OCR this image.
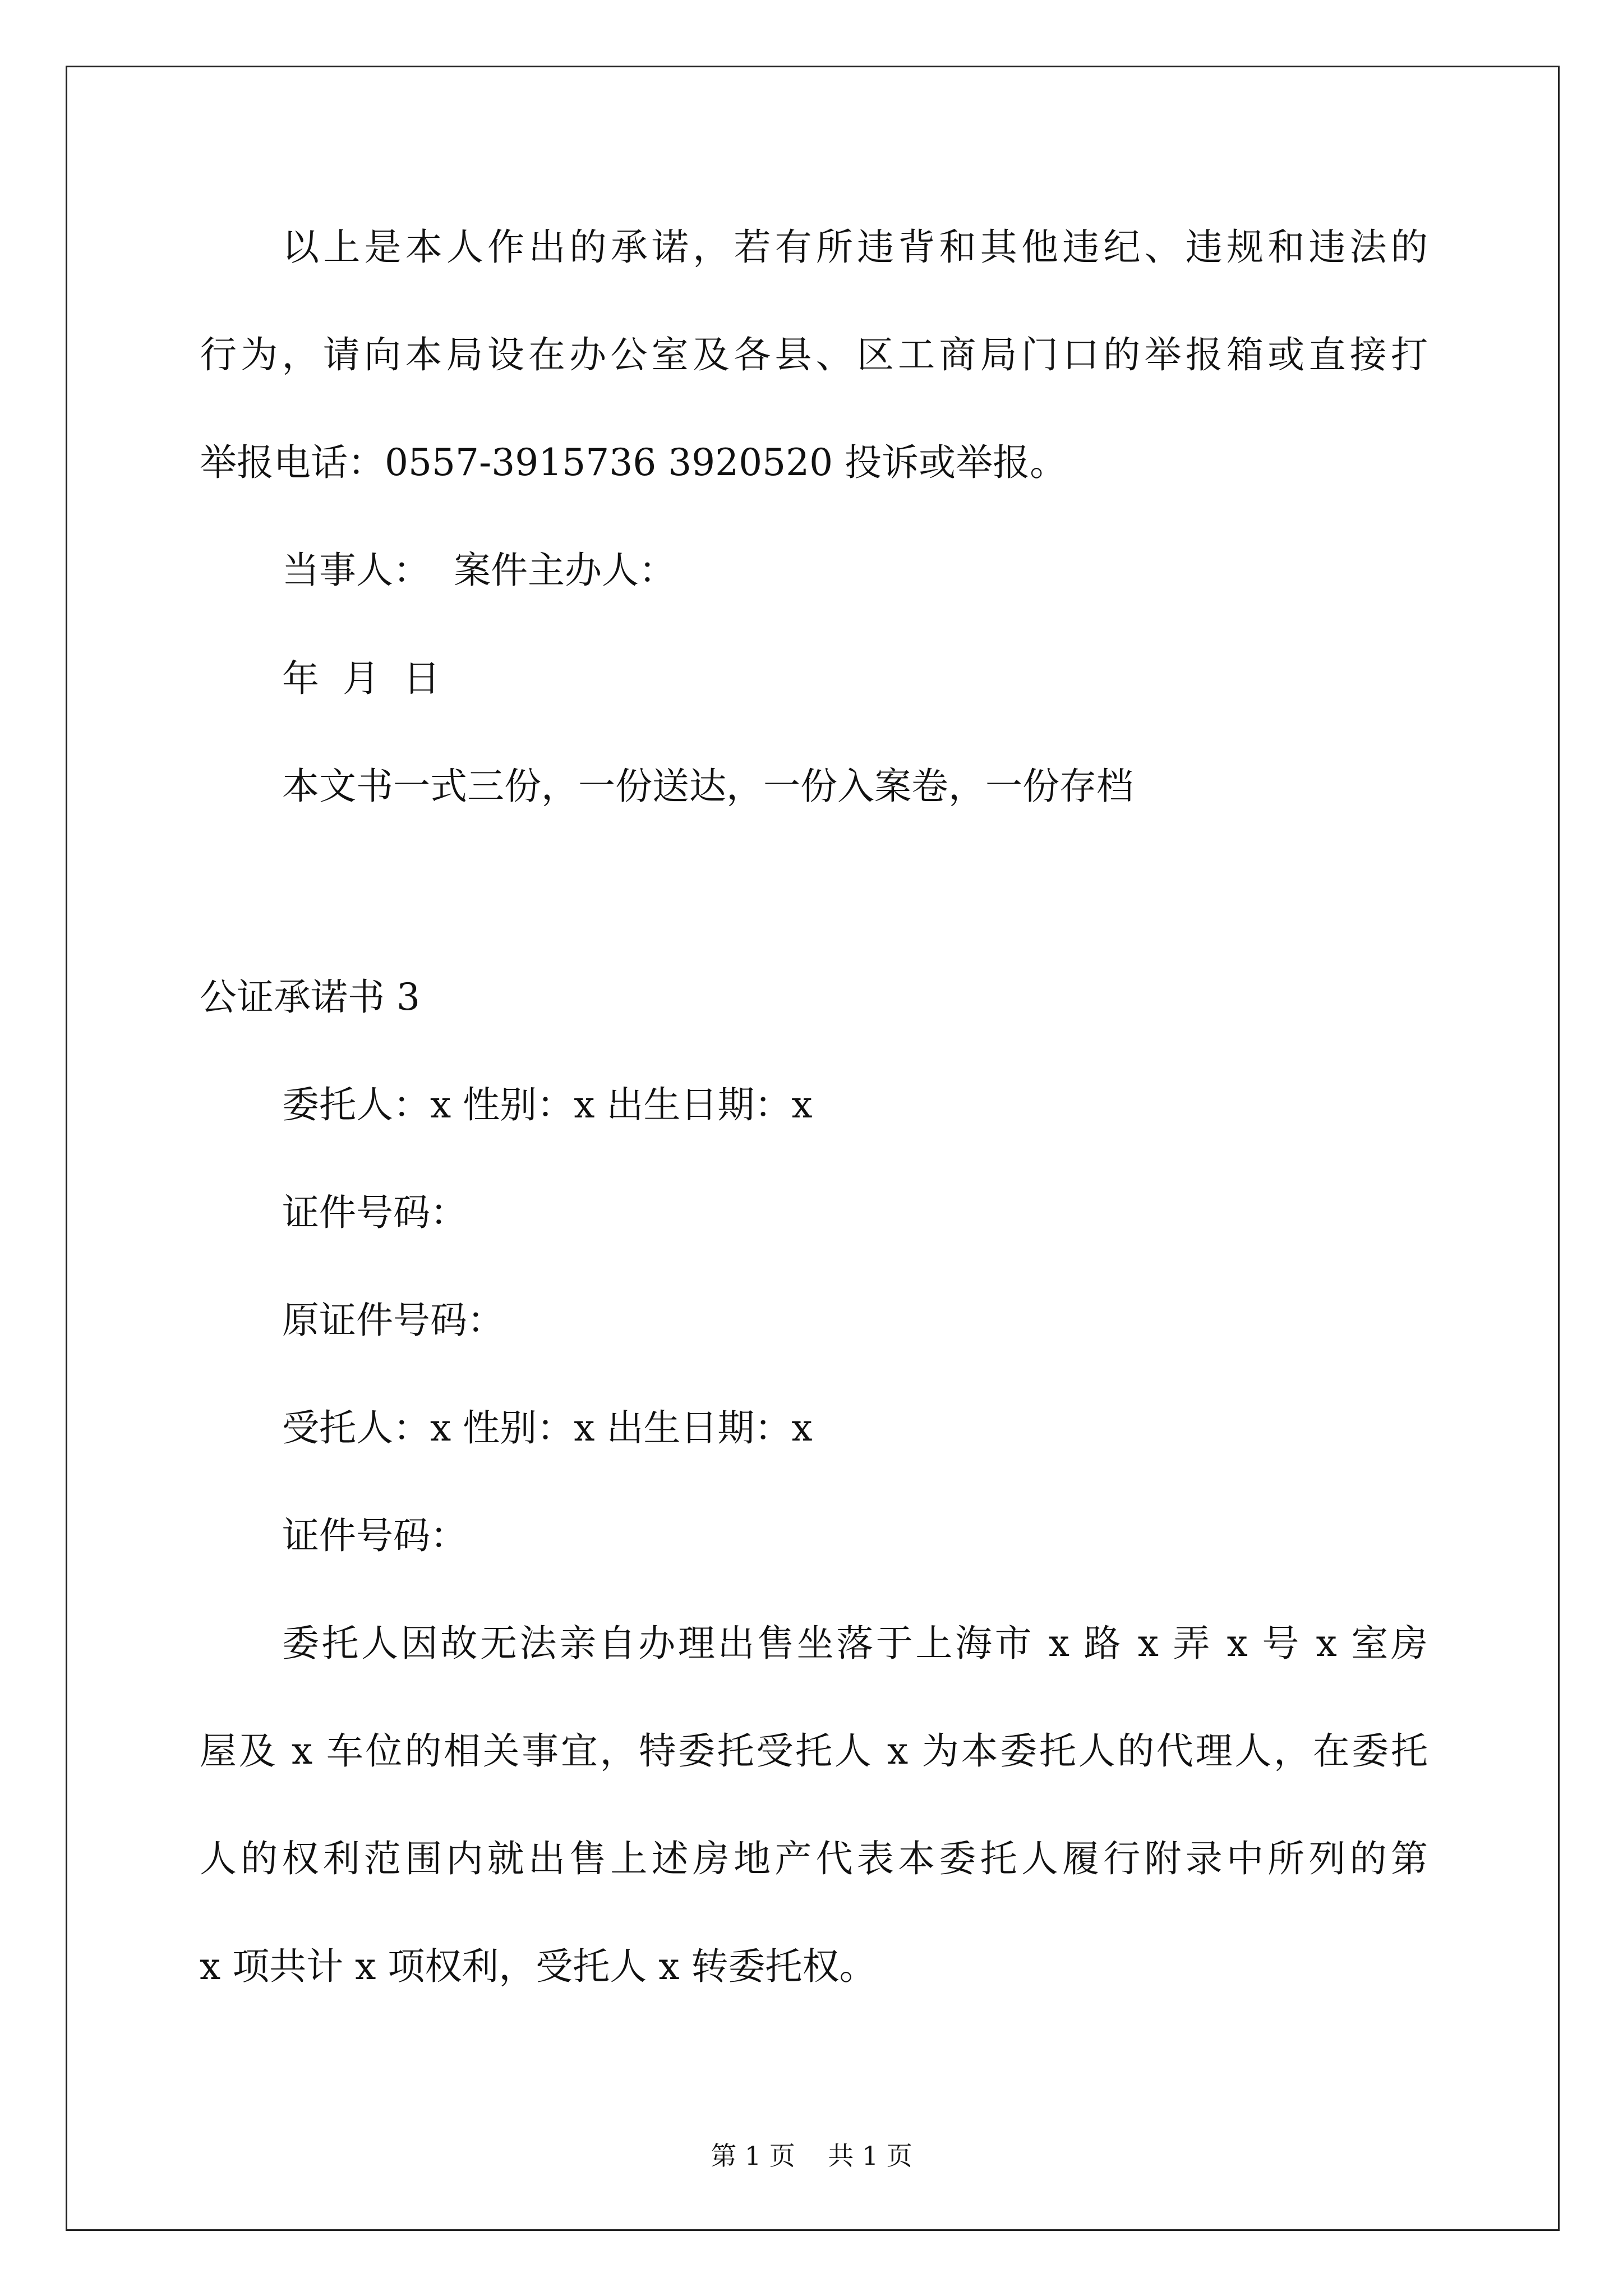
以上是本人作出的承诺，若有所违背和其他违纪、违规和违法的
行为，请向本局设在办公室及各县、区工商局门口的举报箱或直接打
举报电话：0557-3915736 3920520 投诉或举报。
当事人：  案件主办人：
年  月  日
本文书一式三份，一份送达，一份入案卷，一份存档
公证承诺书 3
委托人：x 性别：x 出生日期：x
证件号码：
原证件号码：
受托人：x 性别：x 出生日期：x
证件号码：
委托人因故无法亲自办理出售坐落于上海市 x 路 x 弄 x 号 x 室房
屋及 x 车位的相关事宜，特委托受托人 x 为本委托人的代理人，在委托
人的权利范围内就出售上述房地产代表本委托人履行附录中所列的第
x 项共计 x 项权利，受托人 x 转委托权。
第 1 页    共 1 页
